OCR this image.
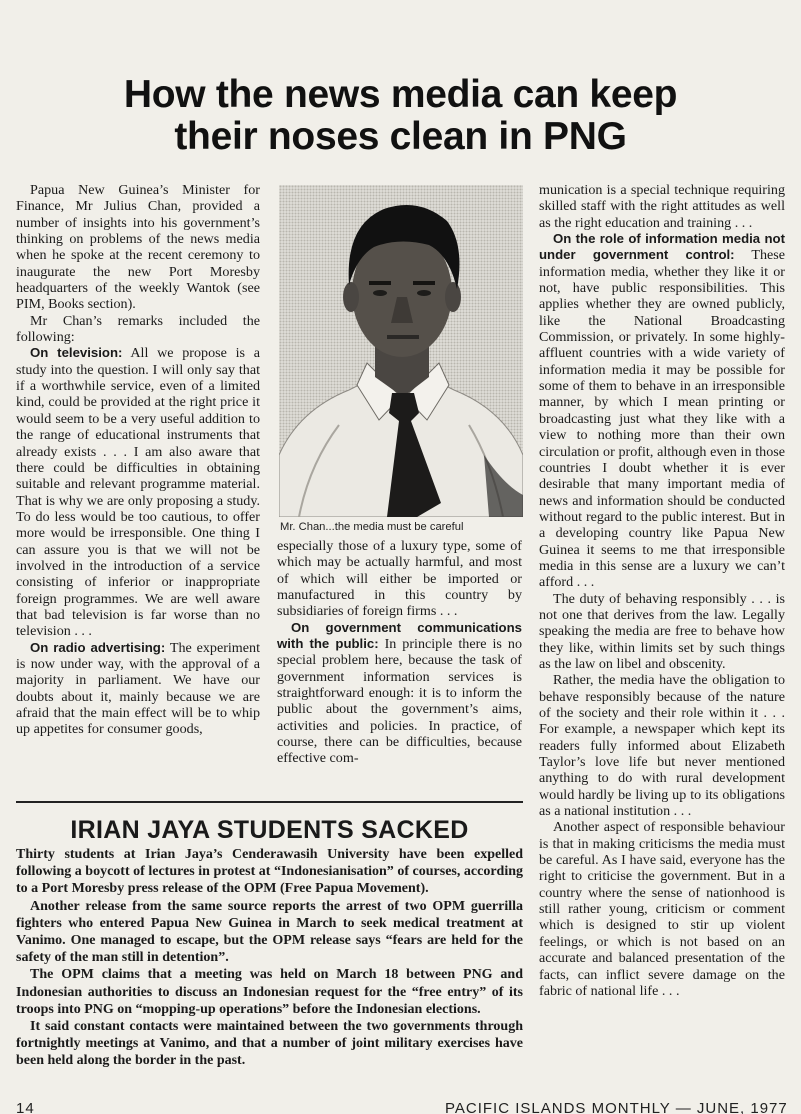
How the news media can keep
their noses clean in PNG

Papua New Guinea’s Minister for Finance, Mr Julius Chan, provided a number of insights into his government’s thinking on problems of the news media when he spoke at the recent ceremony to inaugurate the new Port Moresby headquarters of the weekly Wantok (see PIM, Books section).

Mr Chan’s remarks included the following:

On television: All we propose is a study into the question. I will only say that if a worthwhile service, even of a limited kind, could be provided at the right price it would seem to be a very useful addition to the range of educational instruments that already exists . . . I am also aware that there could be difficulties in obtaining suitable and relevant programme material. That is why we are only proposing a study. To do less would be too cautious, to offer more would be irresponsible. One thing I can assure you is that we will not be involved in the introduction of a service consisting of inferior or inappropriate foreign programmes. We are well aware that bad television is far worse than no television . . .

On radio advertising: The experiment is now under way, with the approval of a majority in parliament. We have our doubts about it, mainly because we are afraid that the main effect will be to whip up appetites for consumer goods,

Mr. Chan...the media must be careful

especially those of a luxury type, some of which may be actually harmful, and most of which will either be imported or manufactured in this country by subsidiaries of foreign firms . . .

On government communications with the public: In principle there is no special problem here, because the task of government information services is straightforward enough: it is to inform the public about the government’s aims, activities and policies. In practice, of course, there can be difficulties, because effective com-

munication is a special technique requiring skilled staff with the right attitudes as well as the right education and training . . .

On the role of information media not under government control: These information media, whether they like it or not, have public responsibilities. This applies whether they are owned publicly, like the National Broadcasting Commission, or privately. In some highly-affluent countries with a wide variety of information media it may be possible for some of them to behave in an irresponsible manner, by which I mean printing or broadcasting just what they like with a view to nothing more than their own circulation or profit, although even in those countries I doubt whether it is ever desirable that many important media of news and information should be conducted without regard to the public interest. But in a developing country like Papua New Guinea it seems to me that irresponsible media in this sense are a luxury we can’t afford . . .

The duty of behaving responsibly . . . is not one that derives from the law. Legally speaking the media are free to behave how they like, within limits set by such things as the law on libel and obscenity.

Rather, the media have the obligation to behave responsibly because of the nature of the society and their role within it . . . For example, a newspaper which kept its readers fully informed about Elizabeth Taylor’s love life but never mentioned anything to do with rural development would hardly be living up to its obligations as a national institution . . .

Another aspect of responsible behaviour is that in making criticisms the media must be careful. As I have said, everyone has the right to criticise the government. But in a country where the sense of nationhood is still rather young, criticism or comment which is designed to stir up violent feelings, or which is not based on an accurate and balanced presentation of the facts, can inflict severe damage on the fabric of national life . . .

IRIAN JAYA STUDENTS SACKED

Thirty students at Irian Jaya’s Cenderawasih University have been expelled following a boycott of lectures in protest at “Indonesianisation” of courses, according to a Port Moresby press release of the OPM (Free Papua Movement).

Another release from the same source reports the arrest of two OPM guerrilla fighters who entered Papua New Guinea in March to seek medical treatment at Vanimo. One managed to escape, but the OPM release says “fears are held for the safety of the man still in detention”.

The OPM claims that a meeting was held on March 18 between PNG and Indonesian authorities to discuss an Indonesian request for the “free entry” of its troops into PNG on “mopping-up operations” before the Indonesian elections.

It said constant contacts were maintained between the two governments through fortnightly meetings at Vanimo, and that a number of joint military exercises have been held along the border in the past.

14	PACIFIC ISLANDS MONTHLY — JUNE, 1977
